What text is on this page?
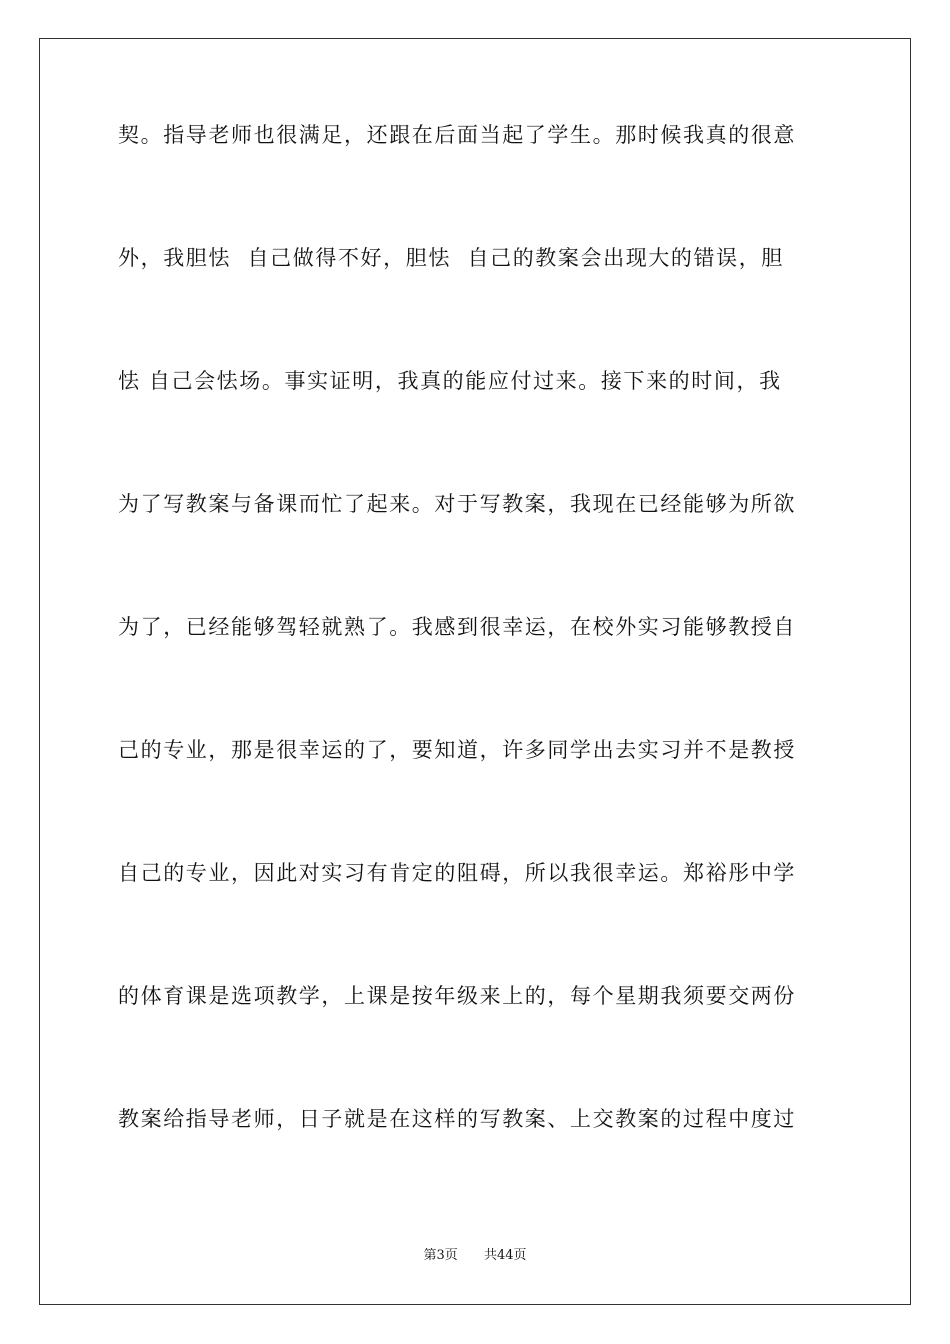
契。指导老师也很满足，还跟在后面当起了学生。那时候我真的很意
外，我胆怯  自己做得不好，胆怯  自己的教案会出现大的错误，胆
怯 自己会怯场。事实证明，我真的能应付过来。接下来的时间，我
为了写教案与备课而忙了起来。对于写教案，我现在已经能够为所欲
为了，已经能够驾轻就熟了。我感到很幸运，在校外实习能够教授自
己的专业，那是很幸运的了，要知道，许多同学出去实习并不是教授
自己的专业，因此对实习有肯定的阻碍，所以我很幸运。郑裕彤中学
的体育课是选项教学，上课是按年级来上的，每个星期我须要交两份
教案给指导老师，日子就是在这样的写教案、上交教案的过程中度过
第3页 共44页
